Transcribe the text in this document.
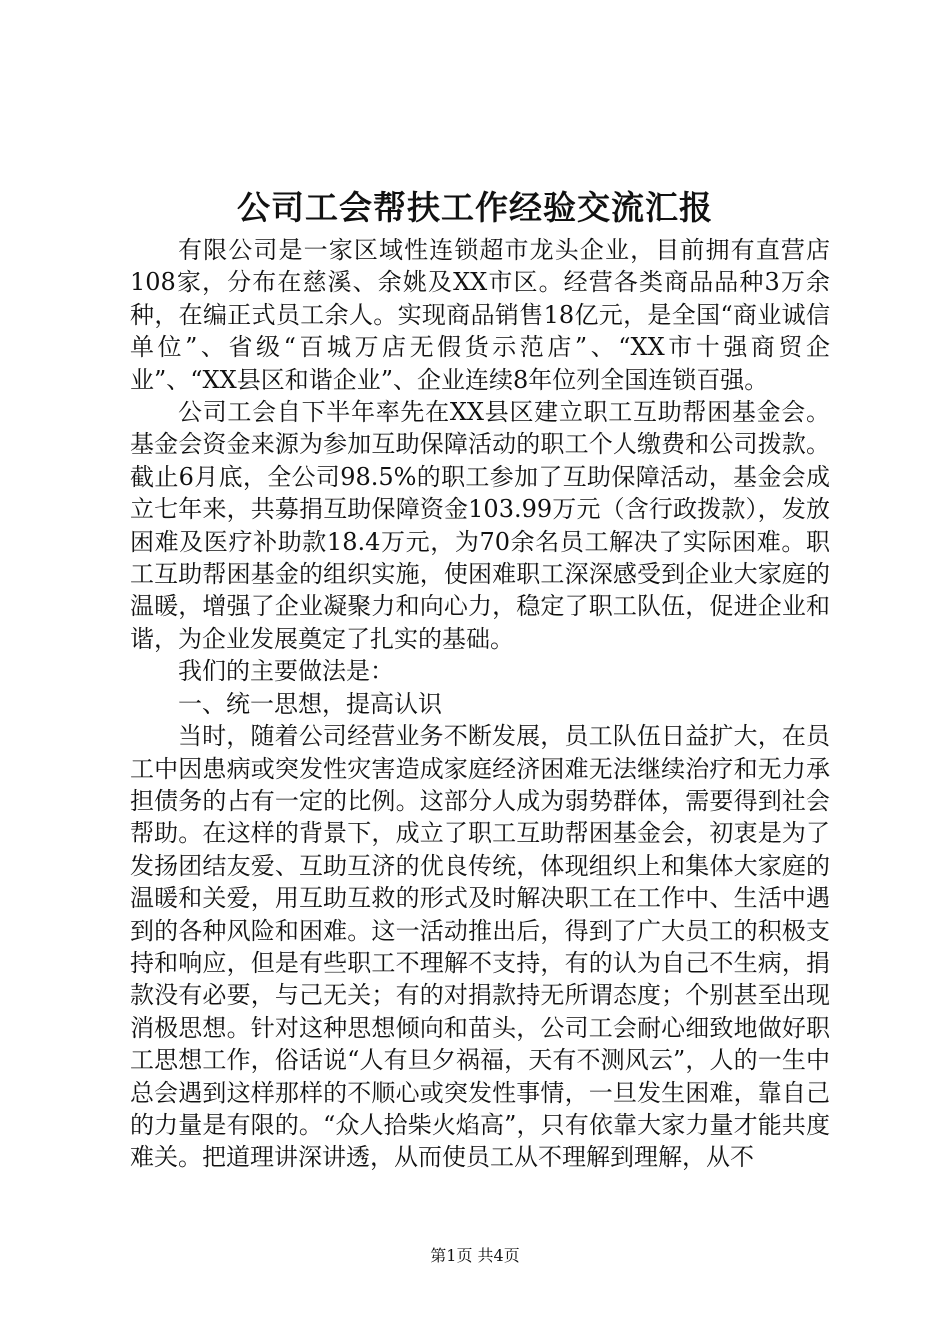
公司工会帮扶工作经验交流汇报

有限公司是一家区域性连锁超市龙头企业，目前拥有直营店108家，分布在慈溪、余姚及XX市区。经营各类商品品种3万余种，在编正式员工余人。实现商品销售18亿元，是全国“商业诚信单位”、省级“百城万店无假货示范店”、“XX市十强商贸企业”、“XX县区和谐企业”、企业连续8年位列全国连锁百强。

公司工会自下半年率先在XX县区建立职工互助帮困基金会。基金会资金来源为参加互助保障活动的职工个人缴费和公司拨款。截止6月底，全公司98.5%的职工参加了互助保障活动，基金会成立七年来，共募捐互助保障资金103.99万元（含行政拨款），发放困难及医疗补助款18.4万元，为70余名员工解决了实际困难。职工互助帮困基金的组织实施，使困难职工深深感受到企业大家庭的温暖，增强了企业凝聚力和向心力，稳定了职工队伍，促进企业和谐，为企业发展奠定了扎实的基础。

我们的主要做法是：

一、统一思想，提高认识

当时，随着公司经营业务不断发展，员工队伍日益扩大，在员工中因患病或突发性灾害造成家庭经济困难无法继续治疗和无力承担债务的占有一定的比例。这部分人成为弱势群体，需要得到社会帮助。在这样的背景下，成立了职工互助帮困基金会，初衷是为了发扬团结友爱、互助互济的优良传统，体现组织上和集体大家庭的温暖和关爱，用互助互救的形式及时解决职工在工作中、生活中遇到的各种风险和困难。这一活动推出后，得到了广大员工的积极支持和响应，但是有些职工不理解不支持，有的认为自己不生病，捐款没有必要，与己无关；有的对捐款持无所谓态度；个别甚至出现消极思想。针对这种思想倾向和苗头，公司工会耐心细致地做好职工思想工作，俗话说“人有旦夕祸福，天有不测风云”，人的一生中总会遇到这样那样的不顺心或突发性事情，一旦发生困难，靠自己的力量是有限的。“众人拾柴火焰高”，只有依靠大家力量才能共度难关。把道理讲深讲透，从而使员工从不理解到理解，从不

第1页 共4页
